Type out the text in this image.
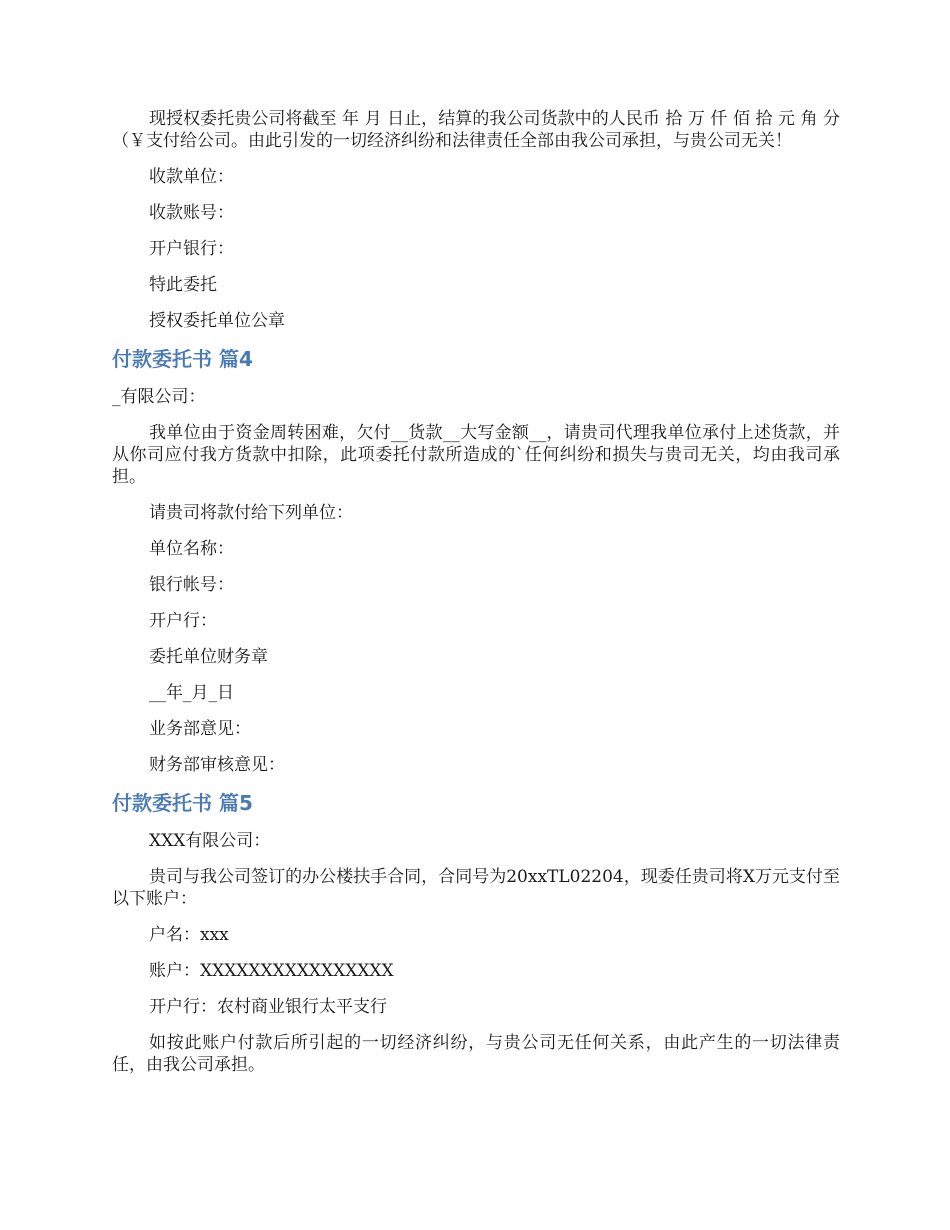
现授权委托贵公司将截至 年 月 日止，结算的我公司货款中的人民币 拾 万 仟 佰 拾 元 角 分（￥支付给公司。由此引发的一切经济纠纷和法律责任全部由我公司承担，与贵公司无关！

收款单位：

收款账号：

开户银行：

特此委托

授权委托单位公章

付款委托书 篇4

_有限公司：

我单位由于资金周转困难，欠付__货款__大写金额__，请贵司代理我单位承付上述货款，并从你司应付我方货款中扣除，此项委托付款所造成的`任何纠纷和损失与贵司无关，均由我司承担。

请贵司将款付给下列单位：

单位名称：

银行帐号：

开户行：

委托单位财务章

__年_月_日

业务部意见：

财务部审核意见：

付款委托书 篇5

XXX有限公司：

贵司与我公司签订的办公楼扶手合同，合同号为20xxTL02204，现委任贵司将X万元支付至以下账户：

户名：xxx

账户：XXXXXXXXXXXXXXXX

开户行：农村商业银行太平支行

如按此账户付款后所引起的一切经济纠纷，与贵公司无任何关系，由此产生的一切法律责任，由我公司承担。
